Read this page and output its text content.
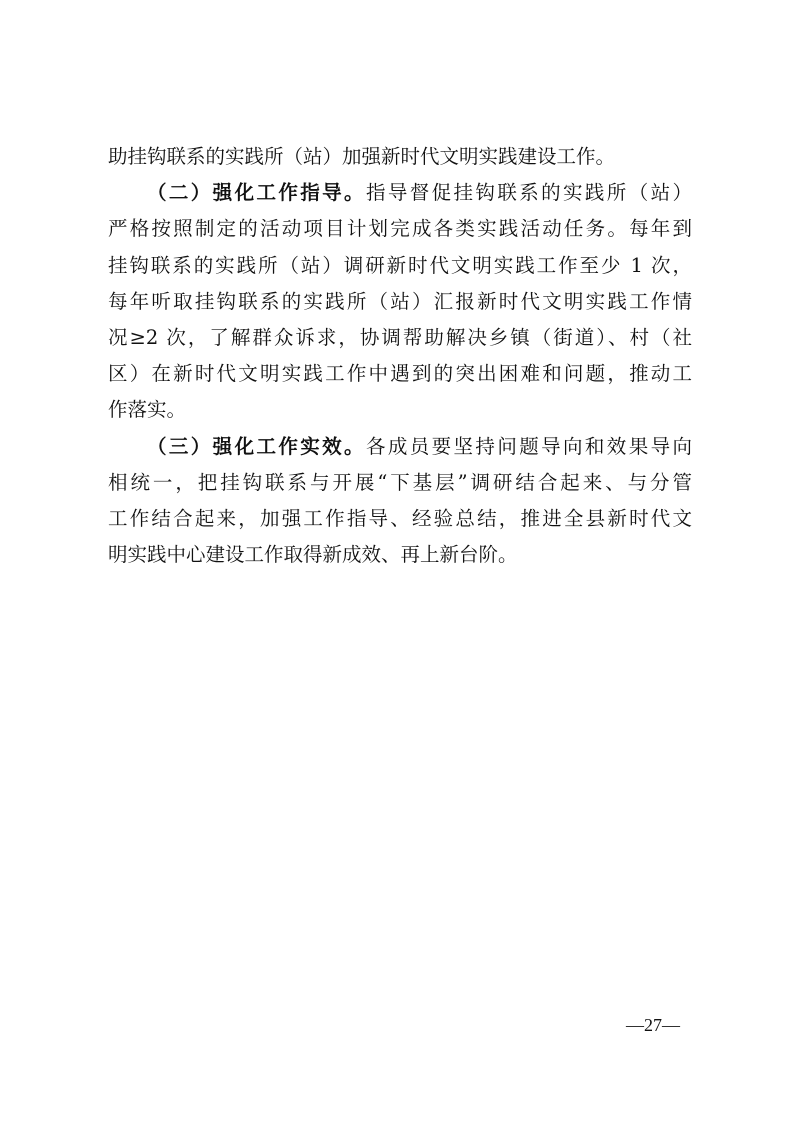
助挂钩联系的实践所（站）加强新时代文明实践建设工作。
（二）强化工作指导。指导督促挂钩联系的实践所（站）
严格按照制定的活动项目计划完成各类实践活动任务。每年到
挂钩联系的实践所（站）调研新时代文明实践工作至少 1 次，
每年听取挂钩联系的实践所（站）汇报新时代文明实践工作情
况≥2 次，了解群众诉求，协调帮助解决乡镇（街道）、村（社
区）在新时代文明实践工作中遇到的突出困难和问题，推动工
作落实。
（三）强化工作实效。各成员要坚持问题导向和效果导向
相统一，把挂钩联系与开展“下基层”调研结合起来、与分管
工作结合起来，加强工作指导、经验总结，推进全县新时代文
明实践中心建设工作取得新成效、再上新台阶。
—27—
